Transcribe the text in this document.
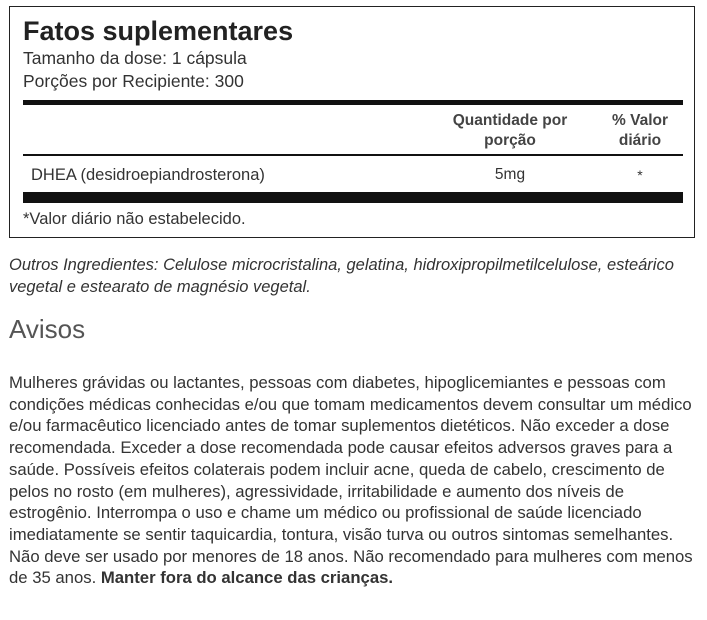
Fatos suplementares
Tamanho da dose: 1 cápsula
Porções por Recipiente: 300
Quantidade por
porção
% Valor
diário
DHEA (desidroepiandrosterona)	5mg	*
*Valor diário não estabelecido.

Outros Ingredientes: Celulose microcristalina, gelatina, hidroxipropilmetilcelulose, esteárico vegetal e estearato de magnésio vegetal.

Avisos

Mulheres grávidas ou lactantes, pessoas com diabetes, hipoglicemiantes e pessoas com condições médicas conhecidas e/ou que tomam medicamentos devem consultar um médico e/ou farmacêutico licenciado antes de tomar suplementos dietéticos. Não exceder a dose recomendada. Exceder a dose recomendada pode causar efeitos adversos graves para a saúde. Possíveis efeitos colaterais podem incluir acne, queda de cabelo, crescimento de pelos no rosto (em mulheres), agressividade, irritabilidade e aumento dos níveis de estrogênio. Interrompa o uso e chame um médico ou profissional de saúde licenciado imediatamente se sentir taquicardia, tontura, visão turva ou outros sintomas semelhantes. Não deve ser usado por menores de 18 anos. Não recomendado para mulheres com menos de 35 anos. Manter fora do alcance das crianças.
